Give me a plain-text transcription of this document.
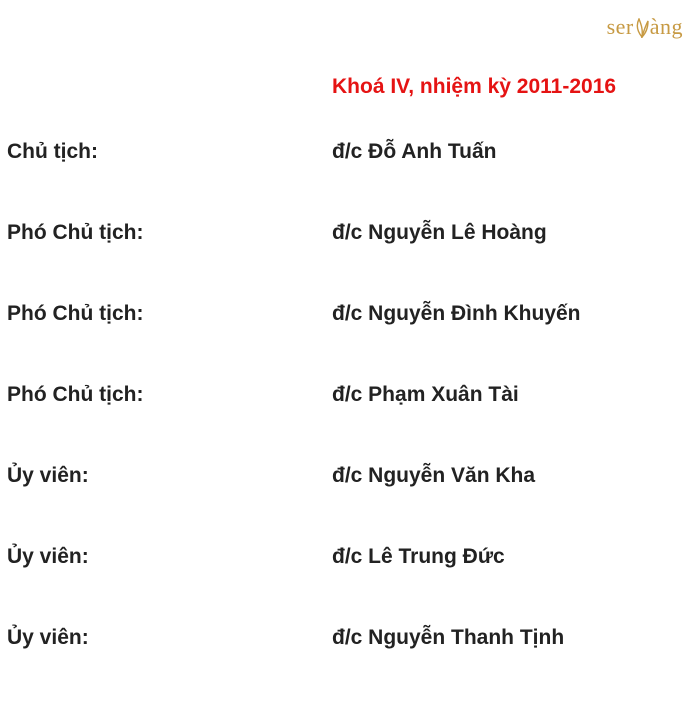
ser àng
Khoá IV, nhiệm kỳ 2011-2016
Chủ tịch:	đ/c Đỗ Anh Tuấn
Phó Chủ tịch:	đ/c Nguyễn Lê Hoàng
Phó Chủ tịch:	đ/c Nguyễn Đình Khuyến
Phó Chủ tịch:	đ/c Phạm Xuân Tài
Ủy viên:	đ/c Nguyễn Văn Kha
Ủy viên:	đ/c Lê Trung Đức
Ủy viên:	đ/c Nguyễn Thanh Tịnh
